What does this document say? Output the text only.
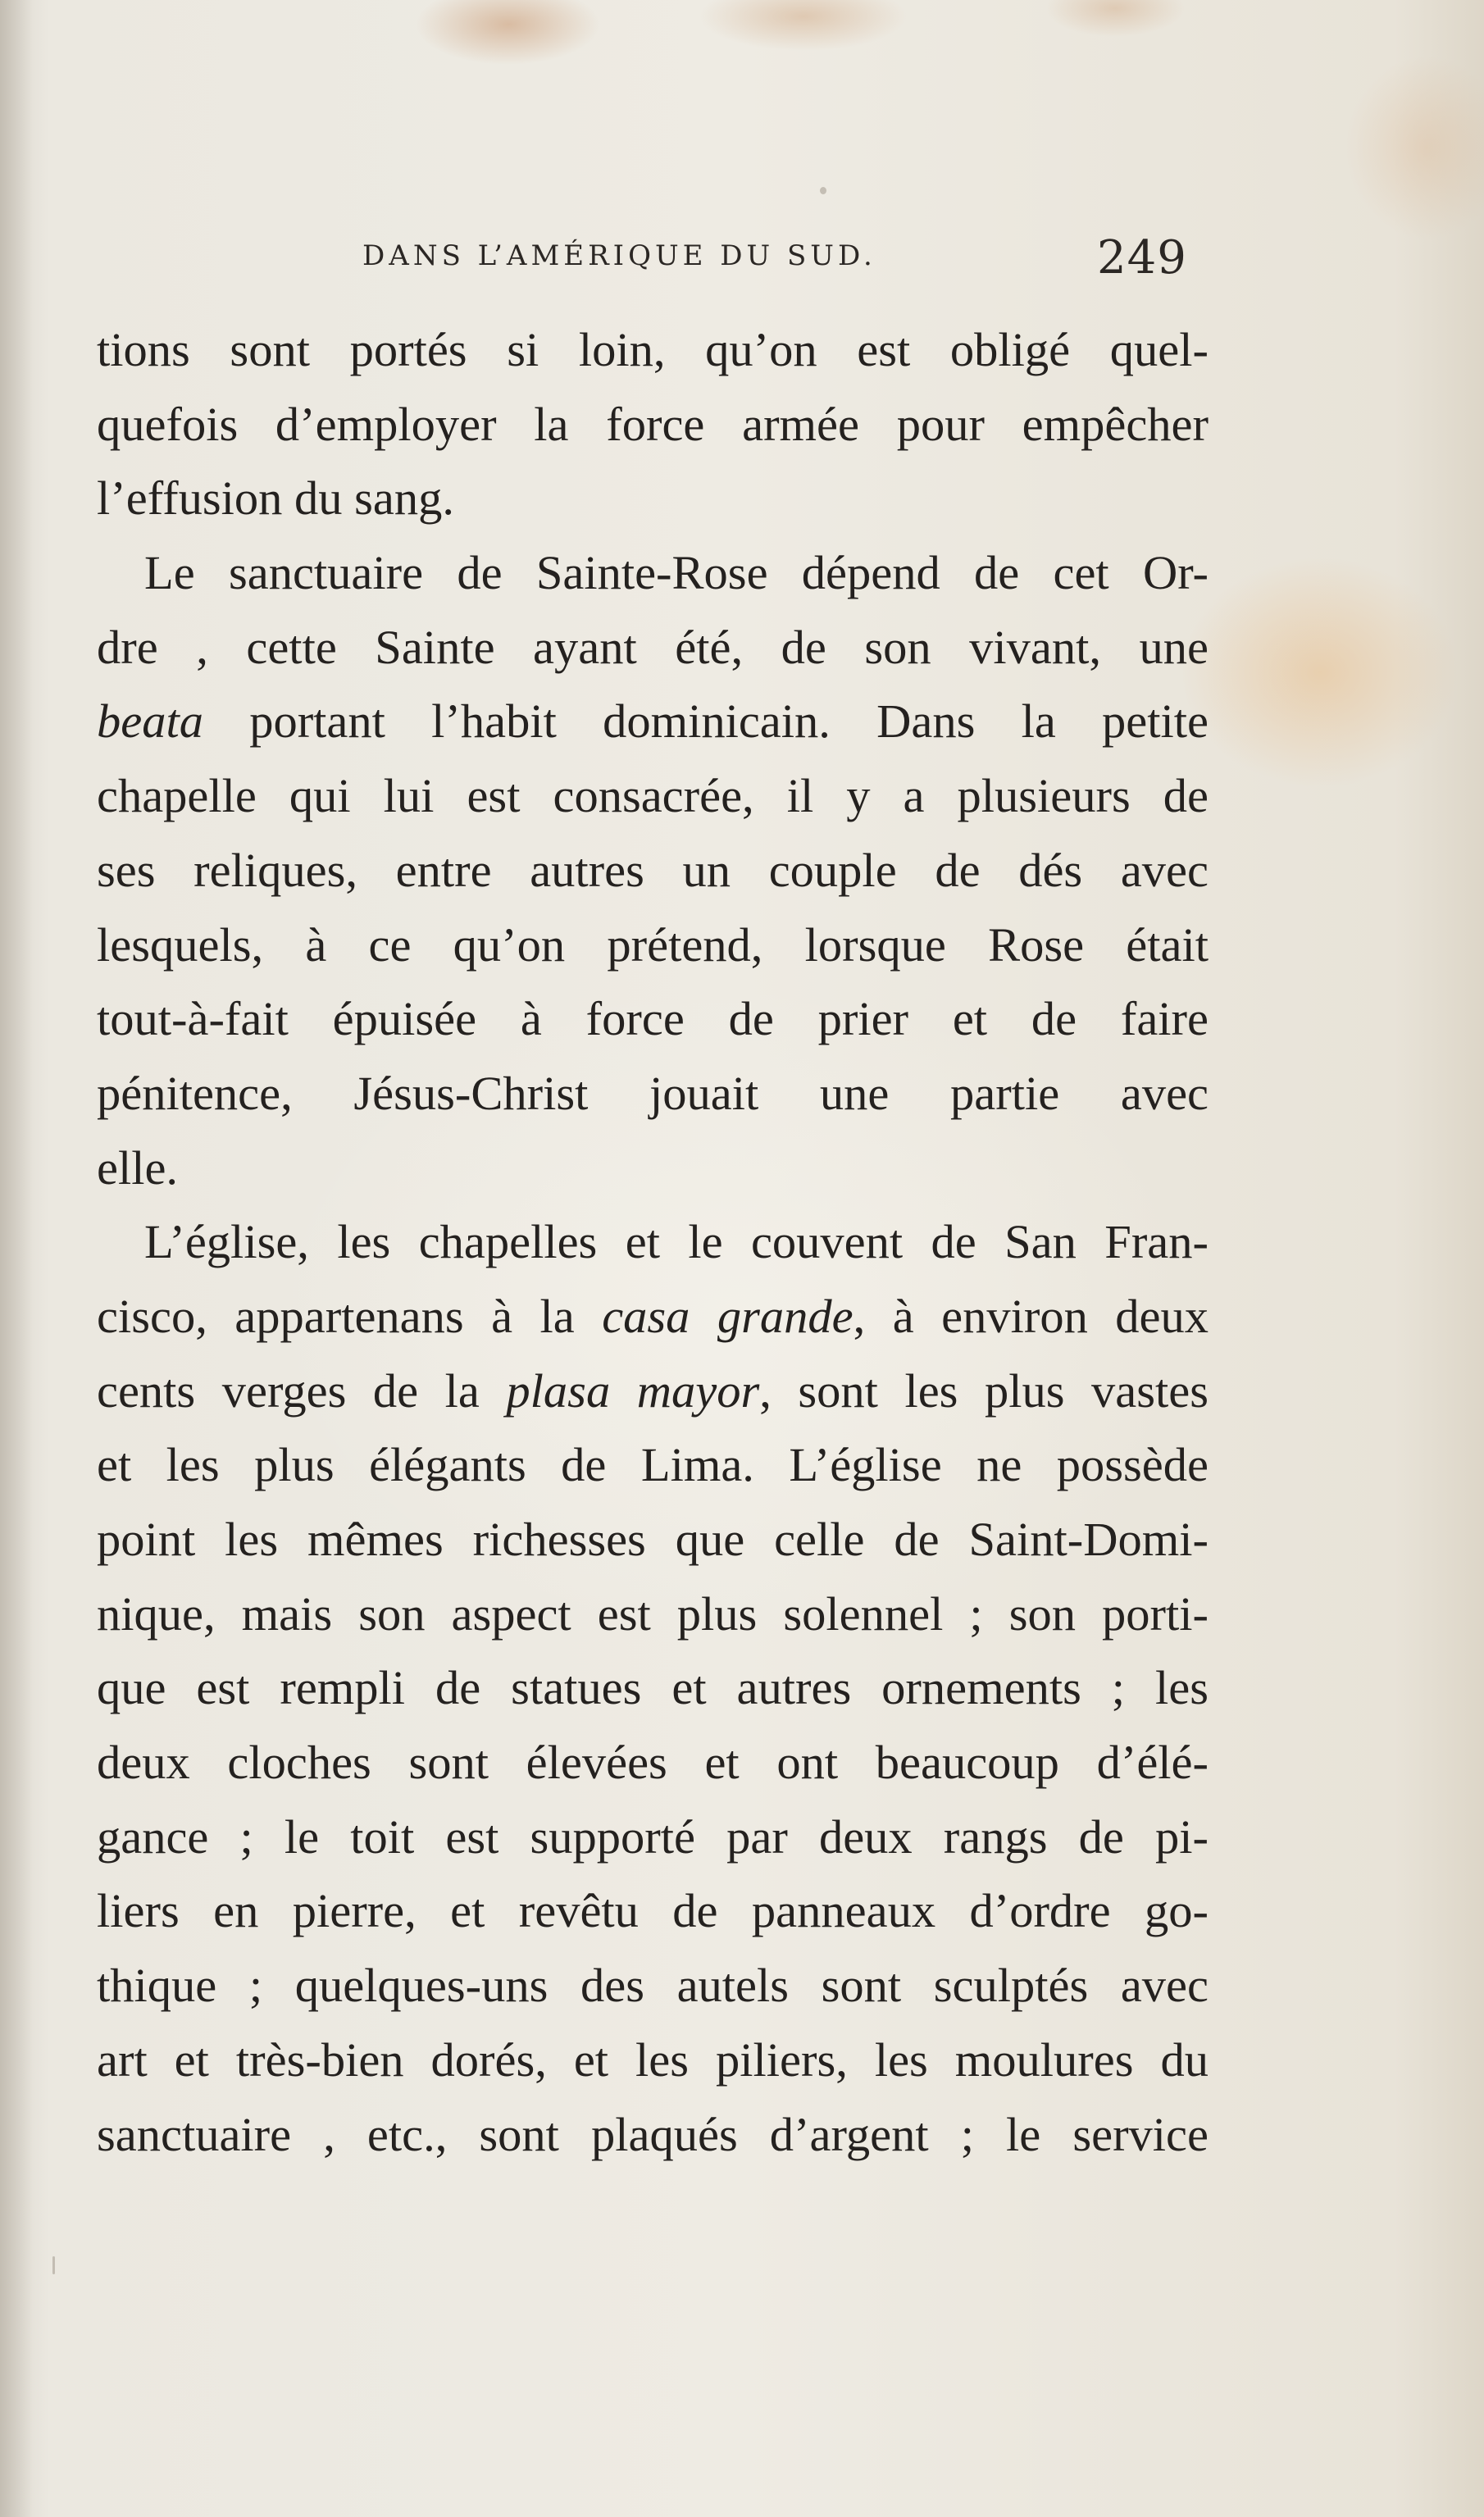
DANS L’AMÉRIQUE DU SUD.	249
tions sont portés si loin, qu’on est obligé quel-
quefois d’employer la force armée pour empêcher
l’effusion du sang.
Le sanctuaire de Sainte-Rose dépend de cet Or-
dre , cette Sainte ayant été, de son vivant, une
beata portant l’habit dominicain. Dans la petite
chapelle qui lui est consacrée, il y a plusieurs de
ses reliques, entre autres un couple de dés avec
lesquels, à ce qu’on prétend, lorsque Rose était
tout-à-fait épuisée à force de prier et de faire
pénitence, Jésus-Christ jouait une partie avec
elle.
L’église, les chapelles et le couvent de San Fran-
cisco, appartenans à la casa grande, à environ deux
cents verges de la plasa mayor, sont les plus vastes
et les plus élégants de Lima. L’église ne possède
point les mêmes richesses que celle de Saint-Domi-
nique, mais son aspect est plus solennel ; son porti-
que est rempli de statues et autres ornements ; les
deux cloches sont élevées et ont beaucoup d’élé-
gance ; le toit est supporté par deux rangs de pi-
liers en pierre, et revêtu de panneaux d’ordre go-
thique ; quelques-uns des autels sont sculptés avec
art et très-bien dorés, et les piliers, les moulures du
sanctuaire , etc., sont plaqués d’argent ; le service
